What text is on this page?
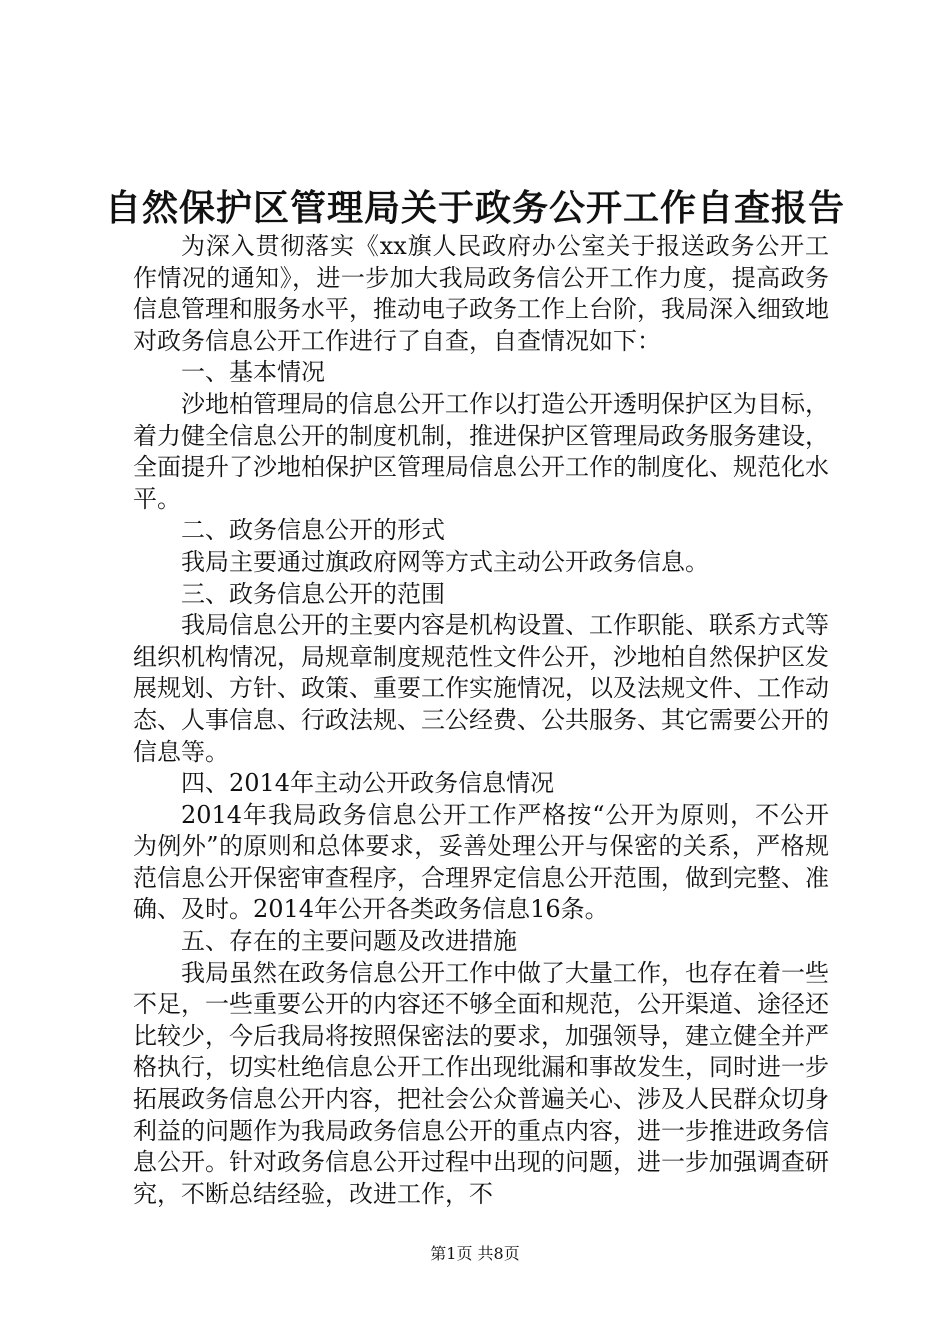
自然保护区管理局关于政务公开工作自查报告

为深入贯彻落实《xx旗人民政府办公室关于报送政务公开工作情况的通知》，进一步加大我局政务信公开工作力度，提高政务信息管理和服务水平，推动电子政务工作上台阶，我局深入细致地对政务信息公开工作进行了自查，自查情况如下：

一、基本情况

沙地柏管理局的信息公开工作以打造公开透明保护区为目标，着力健全信息公开的制度机制，推进保护区管理局政务服务建设，全面提升了沙地柏保护区管理局信息公开工作的制度化、规范化水平。

二、政务信息公开的形式

我局主要通过旗政府网等方式主动公开政务信息。

三、政务信息公开的范围

我局信息公开的主要内容是机构设置、工作职能、联系方式等组织机构情况，局规章制度规范性文件公开，沙地柏自然保护区发展规划、方针、政策、重要工作实施情况，以及法规文件、工作动态、人事信息、行政法规、三公经费、公共服务、其它需要公开的信息等。

四、2014年主动公开政务信息情况

2014年我局政务信息公开工作严格按“公开为原则，不公开为例外”的原则和总体要求，妥善处理公开与保密的关系，严格规范信息公开保密审查程序，合理界定信息公开范围，做到完整、准确、及时。2014年公开各类政务信息16条。

五、存在的主要问题及改进措施

我局虽然在政务信息公开工作中做了大量工作，也存在着一些不足，一些重要公开的内容还不够全面和规范，公开渠道、途径还比较少，今后我局将按照保密法的要求，加强领导，建立健全并严格执行，切实杜绝信息公开工作出现纰漏和事故发生，同时进一步拓展政务信息公开内容，把社会公众普遍关心、涉及人民群众切身利益的问题作为我局政务信息公开的重点内容，进一步推进政务信息公开。针对政务信息公开过程中出现的问题，进一步加强调查研究，不断总结经验，改进工作，不

第1页 共8页
